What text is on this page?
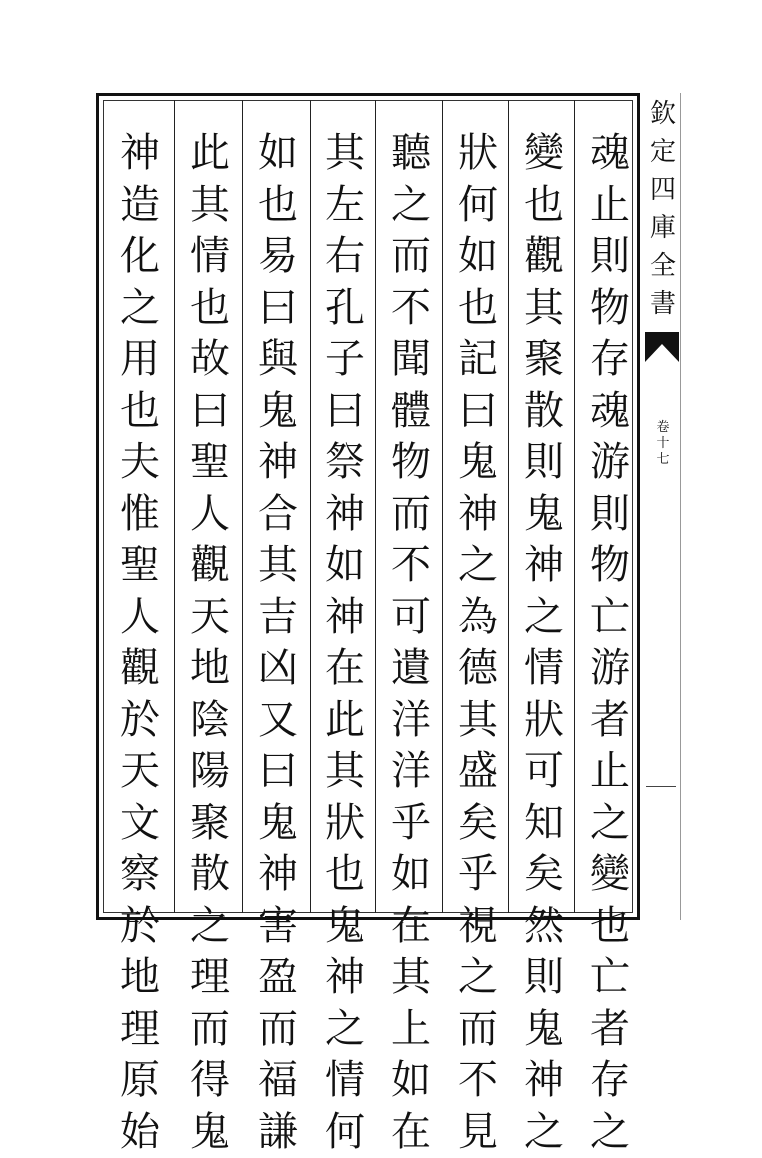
魂
止
則
物
存
魂
游
則
物
亡
游
者
止
之
變
也
亡
者
存
之
變
也
觀
其
聚
散
則
鬼
神
之
情
狀
可
知
矣
然
則
鬼
神
之
狀
何
如
也
記
曰
鬼
神
之
為
德
其
盛
矣
乎
視
之
而
不
見
聽
之
而
不
聞
體
物
而
不
可
遺
洋
洋
乎
如
在
其
上
如
在
其
左
右
孔
子
曰
祭
神
如
神
在
此
其
狀
也
鬼
神
之
情
何
如
也
易
曰
與
鬼
神
合
其
吉
凶
又
曰
鬼
神
害
盈
而
福
謙
此
其
情
也
故
曰
聖
人
觀
天
地
陰
陽
聚
散
之
理
而
得
鬼
神
造
化
之
用
也
夫
惟
聖
人
觀
於
天
文
察
於
地
理
原
始
欽
定
四
庫
全
書
卷
十
七
